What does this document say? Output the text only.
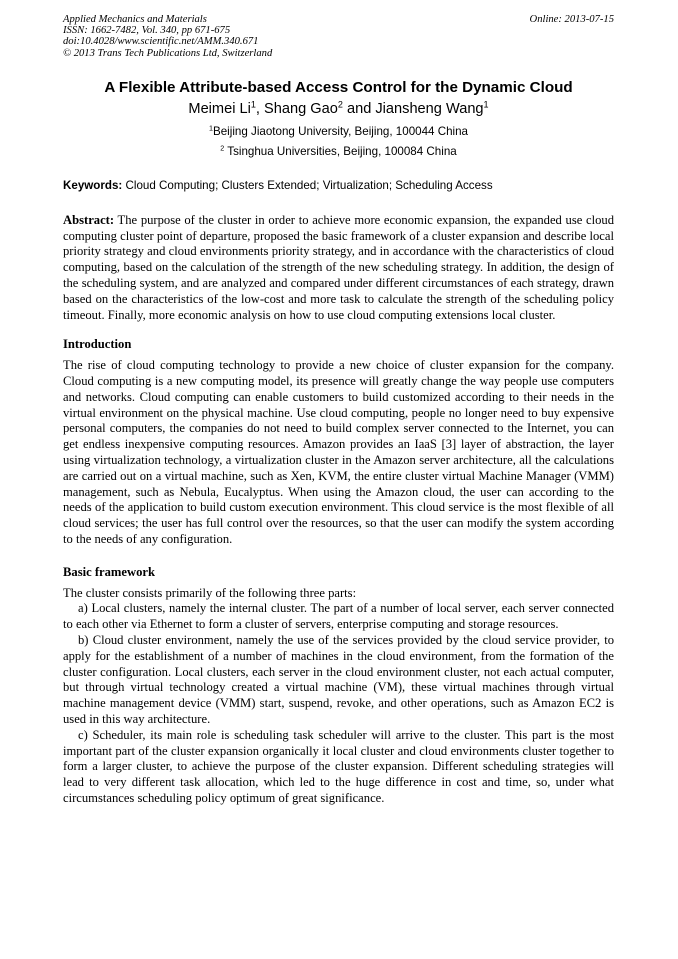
Applied Mechanics and Materials
ISSN: 1662-7482, Vol. 340, pp 671-675
doi:10.4028/www.scientific.net/AMM.340.671
© 2013 Trans Tech Publications Ltd, Switzerland
Online: 2013-07-15
A Flexible Attribute-based Access Control for the Dynamic Cloud
Meimei Li$^1$, Shang Gao$^2$ and Jiansheng Wang$^1$
$^1$Beijing Jiaotong University, Beijing, 100044 China
$^2$ Tsinghua Universities, Beijing, 100084 China
Keywords: Cloud Computing; Clusters Extended; Virtualization; Scheduling Access
Abstract: The purpose of the cluster in order to achieve more economic expansion, the expanded use cloud computing cluster point of departure, proposed the basic framework of a cluster expansion and describe local priority strategy and cloud environments priority strategy, and in accordance with the characteristics of cloud computing, based on the calculation of the strength of the new scheduling strategy. In addition, the design of the scheduling system, and are analyzed and compared under different circumstances of each strategy, drawn based on the characteristics of the low-cost and more task to calculate the strength of the scheduling policy timeout. Finally, more economic analysis on how to use cloud computing extensions local cluster.
Introduction

The rise of cloud computing technology to provide a new choice of cluster expansion for the company. Cloud computing is a new computing model, its presence will greatly change the way people use computers and networks. Cloud computing can enable customers to build customized according to their needs in the virtual environment on the physical machine. Use cloud computing, people no longer need to buy expensive personal computers, the companies do not need to build complex server connected to the Internet, you can get endless inexpensive computing resources. Amazon provides an IaaS [3] layer of abstraction, the layer using virtualization technology, a virtualization cluster in the Amazon server architecture, all the calculations are carried out on a virtual machine, such as Xen, KVM, the entire cluster virtual Machine Manager (VMM) management, such as Nebula, Eucalyptus. When using the Amazon cloud, the user can according to the needs of the application to build custom execution environment. This cloud service is the most flexible of all cloud services; the user has full control over the resources, so that the user can modify the system according to the needs of any configuration.

Basic framework

The cluster consists primarily of the following three parts:

a) Local clusters, namely the internal cluster. The part of a number of local server, each server connected to each other via Ethernet to form a cluster of servers, enterprise computing and storage resources.

b) Cloud cluster environment, namely the use of the services provided by the cloud service provider, to apply for the establishment of a number of machines in the cloud environment, from the formation of the cluster configuration. Local clusters, each server in the cloud environment cluster, not each actual computer, but through virtual technology created a virtual machine (VM), these virtual machines through virtual machine management device (VMM) start, suspend, revoke, and other operations, such as Amazon EC2 is used in this way architecture.

c) Scheduler, its main role is scheduling task scheduler will arrive to the cluster. This part is the most important part of the cluster expansion organically it local cluster and cloud environments cluster together to form a larger cluster, to achieve the purpose of the cluster expansion. Different scheduling strategies will lead to very different task allocation, which led to the huge difference in cost and time, so, under what circumstances scheduling policy optimum of great significance.
